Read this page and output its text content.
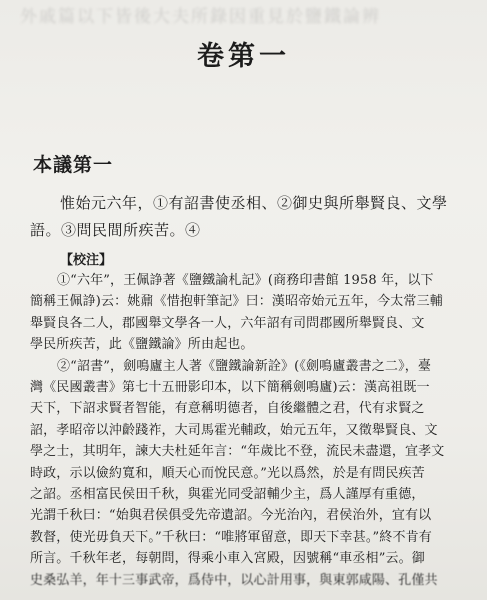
外戚篇以下皆後大夫所錄因重見於鹽鐵論辨
卷第一
本議第一
惟始元六年，①有詔書使丞相、②御史與所舉賢良、文學
語。③問民間所疾苦。④
【校注】
①“六年”，王佩諍著《鹽鐵論札記》(商務印書館 1958 年，以下
簡稱王佩諍)云：姚鼐《惜抱軒筆記》曰：漢昭帝始元五年，今太常三輔
舉賢良各二人，郡國舉文學各一人，六年詔有司問郡國所舉賢良、文
學民所疾苦，此《鹽鐵論》所由起也。
②“詔書”，劍鳴廬主人著《鹽鐵論新詮》(《劍鳴廬叢書之二》，臺
灣《民國叢書》第七十五冊影印本，以下簡稱劍鳴廬)云：漢高祖既一
天下，下詔求賢者智能，有意稱明德者，自後繼體之君，代有求賢之
詔，孝昭帝以沖齡踐祚，大司馬霍光輔政，始元五年，又徵舉賢良、文
學之士，其明年，諫大夫杜延年言：“年歲比不登，流民未盡還，宜孝文
時政，示以儉約寬和，順天心而悅民意。”光以爲然，於是有問民疾苦
之詔。丞相富民侯田千秋，與霍光同受詔輔少主，爲人謹厚有重德，
光謂千秋曰：“始與君侯俱受先帝遺詔。今光治內，君侯治外，宜有以
教督，使光毋負天下。”千秋曰：“唯將軍留意，即天下幸甚。”終不肯有
所言。千秋年老，每朝問，得乘小車入宮殿，因號稱“車丞相”云。御
史桑弘羊，年十三事武帝，爲侍中，以心計用事，與東郭咸陽、孔僅共
